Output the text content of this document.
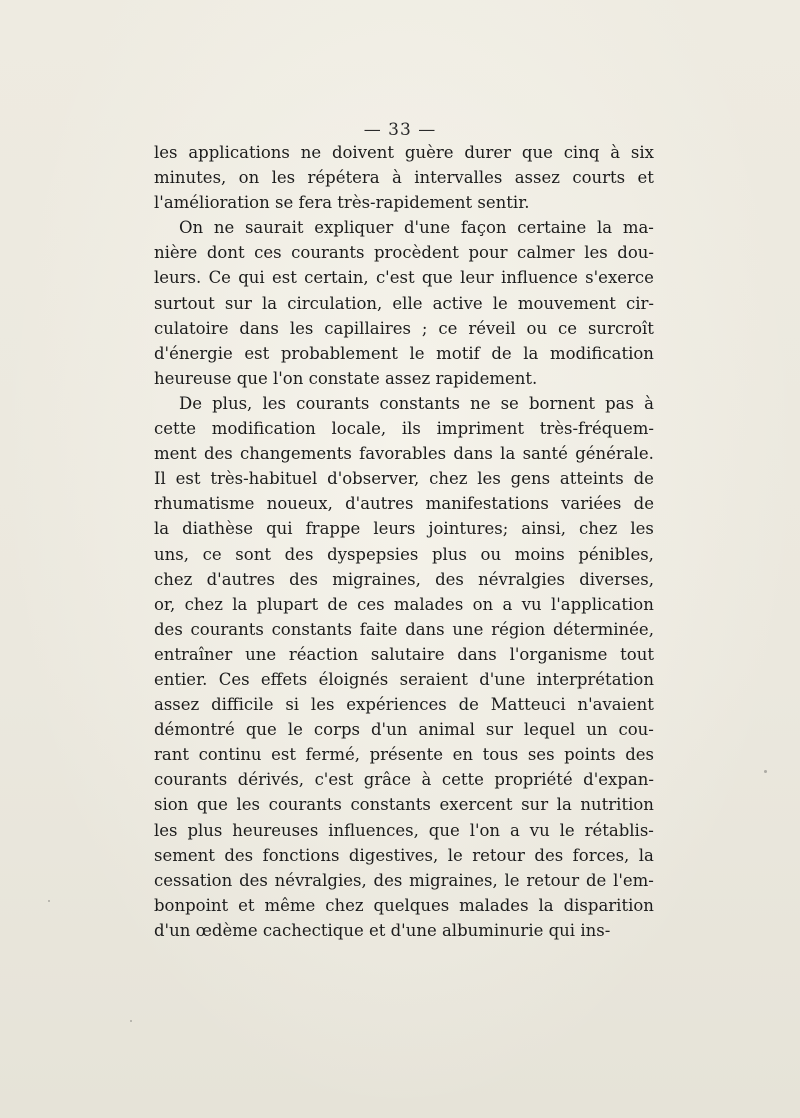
— 33 —
les applications ne doivent guère durer que cinq à six
minutes, on les répétera à intervalles assez courts et
l'amélioration se fera très-rapidement sentir.
On ne saurait expliquer d'une façon certaine la ma-
nière dont ces courants procèdent pour calmer les dou-
leurs. Ce qui est certain, c'est que leur influence s'exerce
surtout sur la circulation, elle active le mouvement cir-
culatoire dans les capillaires ; ce réveil ou ce surcroît
d'énergie est probablement le motif de la modification
heureuse que l'on constate assez rapidement.
De plus, les courants constants ne se bornent pas à
cette modification locale, ils impriment très-fréquem-
ment des changements favorables dans la santé générale.
Il est très-habituel d'observer, chez les gens atteints de
rhumatisme noueux, d'autres manifestations variées de
la diathèse qui frappe leurs jointures; ainsi, chez les
uns, ce sont des dyspepsies plus ou moins pénibles,
chez d'autres des migraines, des névralgies diverses,
or, chez la plupart de ces malades on a vu l'application
des courants constants faite dans une région déterminée,
entraîner une réaction salutaire dans l'organisme tout
entier. Ces effets éloignés seraient d'une interprétation
assez difficile si les expériences de Matteuci n'avaient
démontré que le corps d'un animal sur lequel un cou-
rant continu est fermé, présente en tous ses points des
courants dérivés, c'est grâce à cette propriété d'expan-
sion que les courants constants exercent sur la nutrition
les plus heureuses influences, que l'on a vu le rétablis-
sement des fonctions digestives, le retour des forces, la
cessation des névralgies, des migraines, le retour de l'em-
bonpoint et même chez quelques malades la disparition
d'un œdème cachectique et d'une albuminurie qui ins-
